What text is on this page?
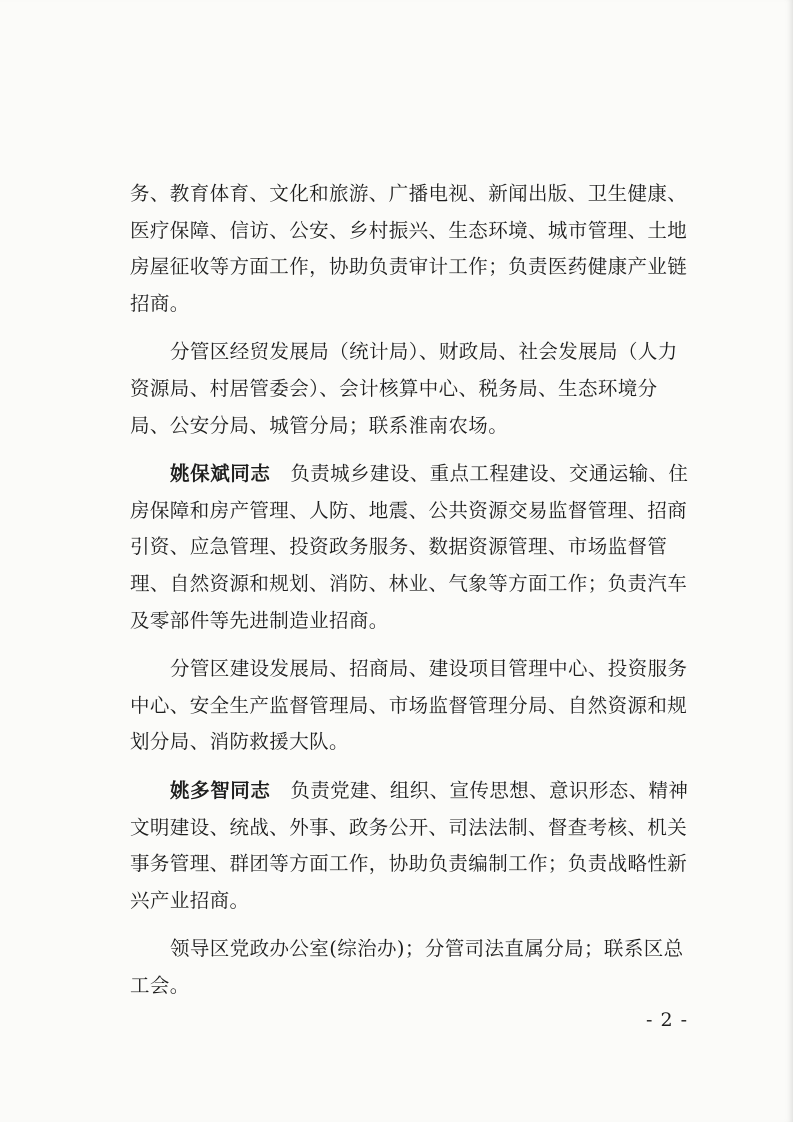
务、教育体育、文化和旅游、广播电视、新闻出版、卫生健康、医疗保障、信访、公安、乡村振兴、生态环境、城市管理、土地房屋征收等方面工作，协助负责审计工作；负责医药健康产业链招商。

分管区经贸发展局（统计局）、财政局、社会发展局（人力资源局、村居管委会）、会计核算中心、税务局、生态环境分局、公安分局、城管分局；联系淮南农场。

姚保斌同志 负责城乡建设、重点工程建设、交通运输、住房保障和房产管理、人防、地震、公共资源交易监督管理、招商引资、应急管理、投资政务服务、数据资源管理、市场监督管理、自然资源和规划、消防、林业、气象等方面工作；负责汽车及零部件等先进制造业招商。

分管区建设发展局、招商局、建设项目管理中心、投资服务中心、安全生产监督管理局、市场监督管理分局、自然资源和规划分局、消防救援大队。

姚多智同志 负责党建、组织、宣传思想、意识形态、精神文明建设、统战、外事、政务公开、司法法制、督查考核、机关事务管理、群团等方面工作，协助负责编制工作；负责战略性新兴产业招商。

领导区党政办公室(综治办)；分管司法直属分局；联系区总工会。

- 2 -
